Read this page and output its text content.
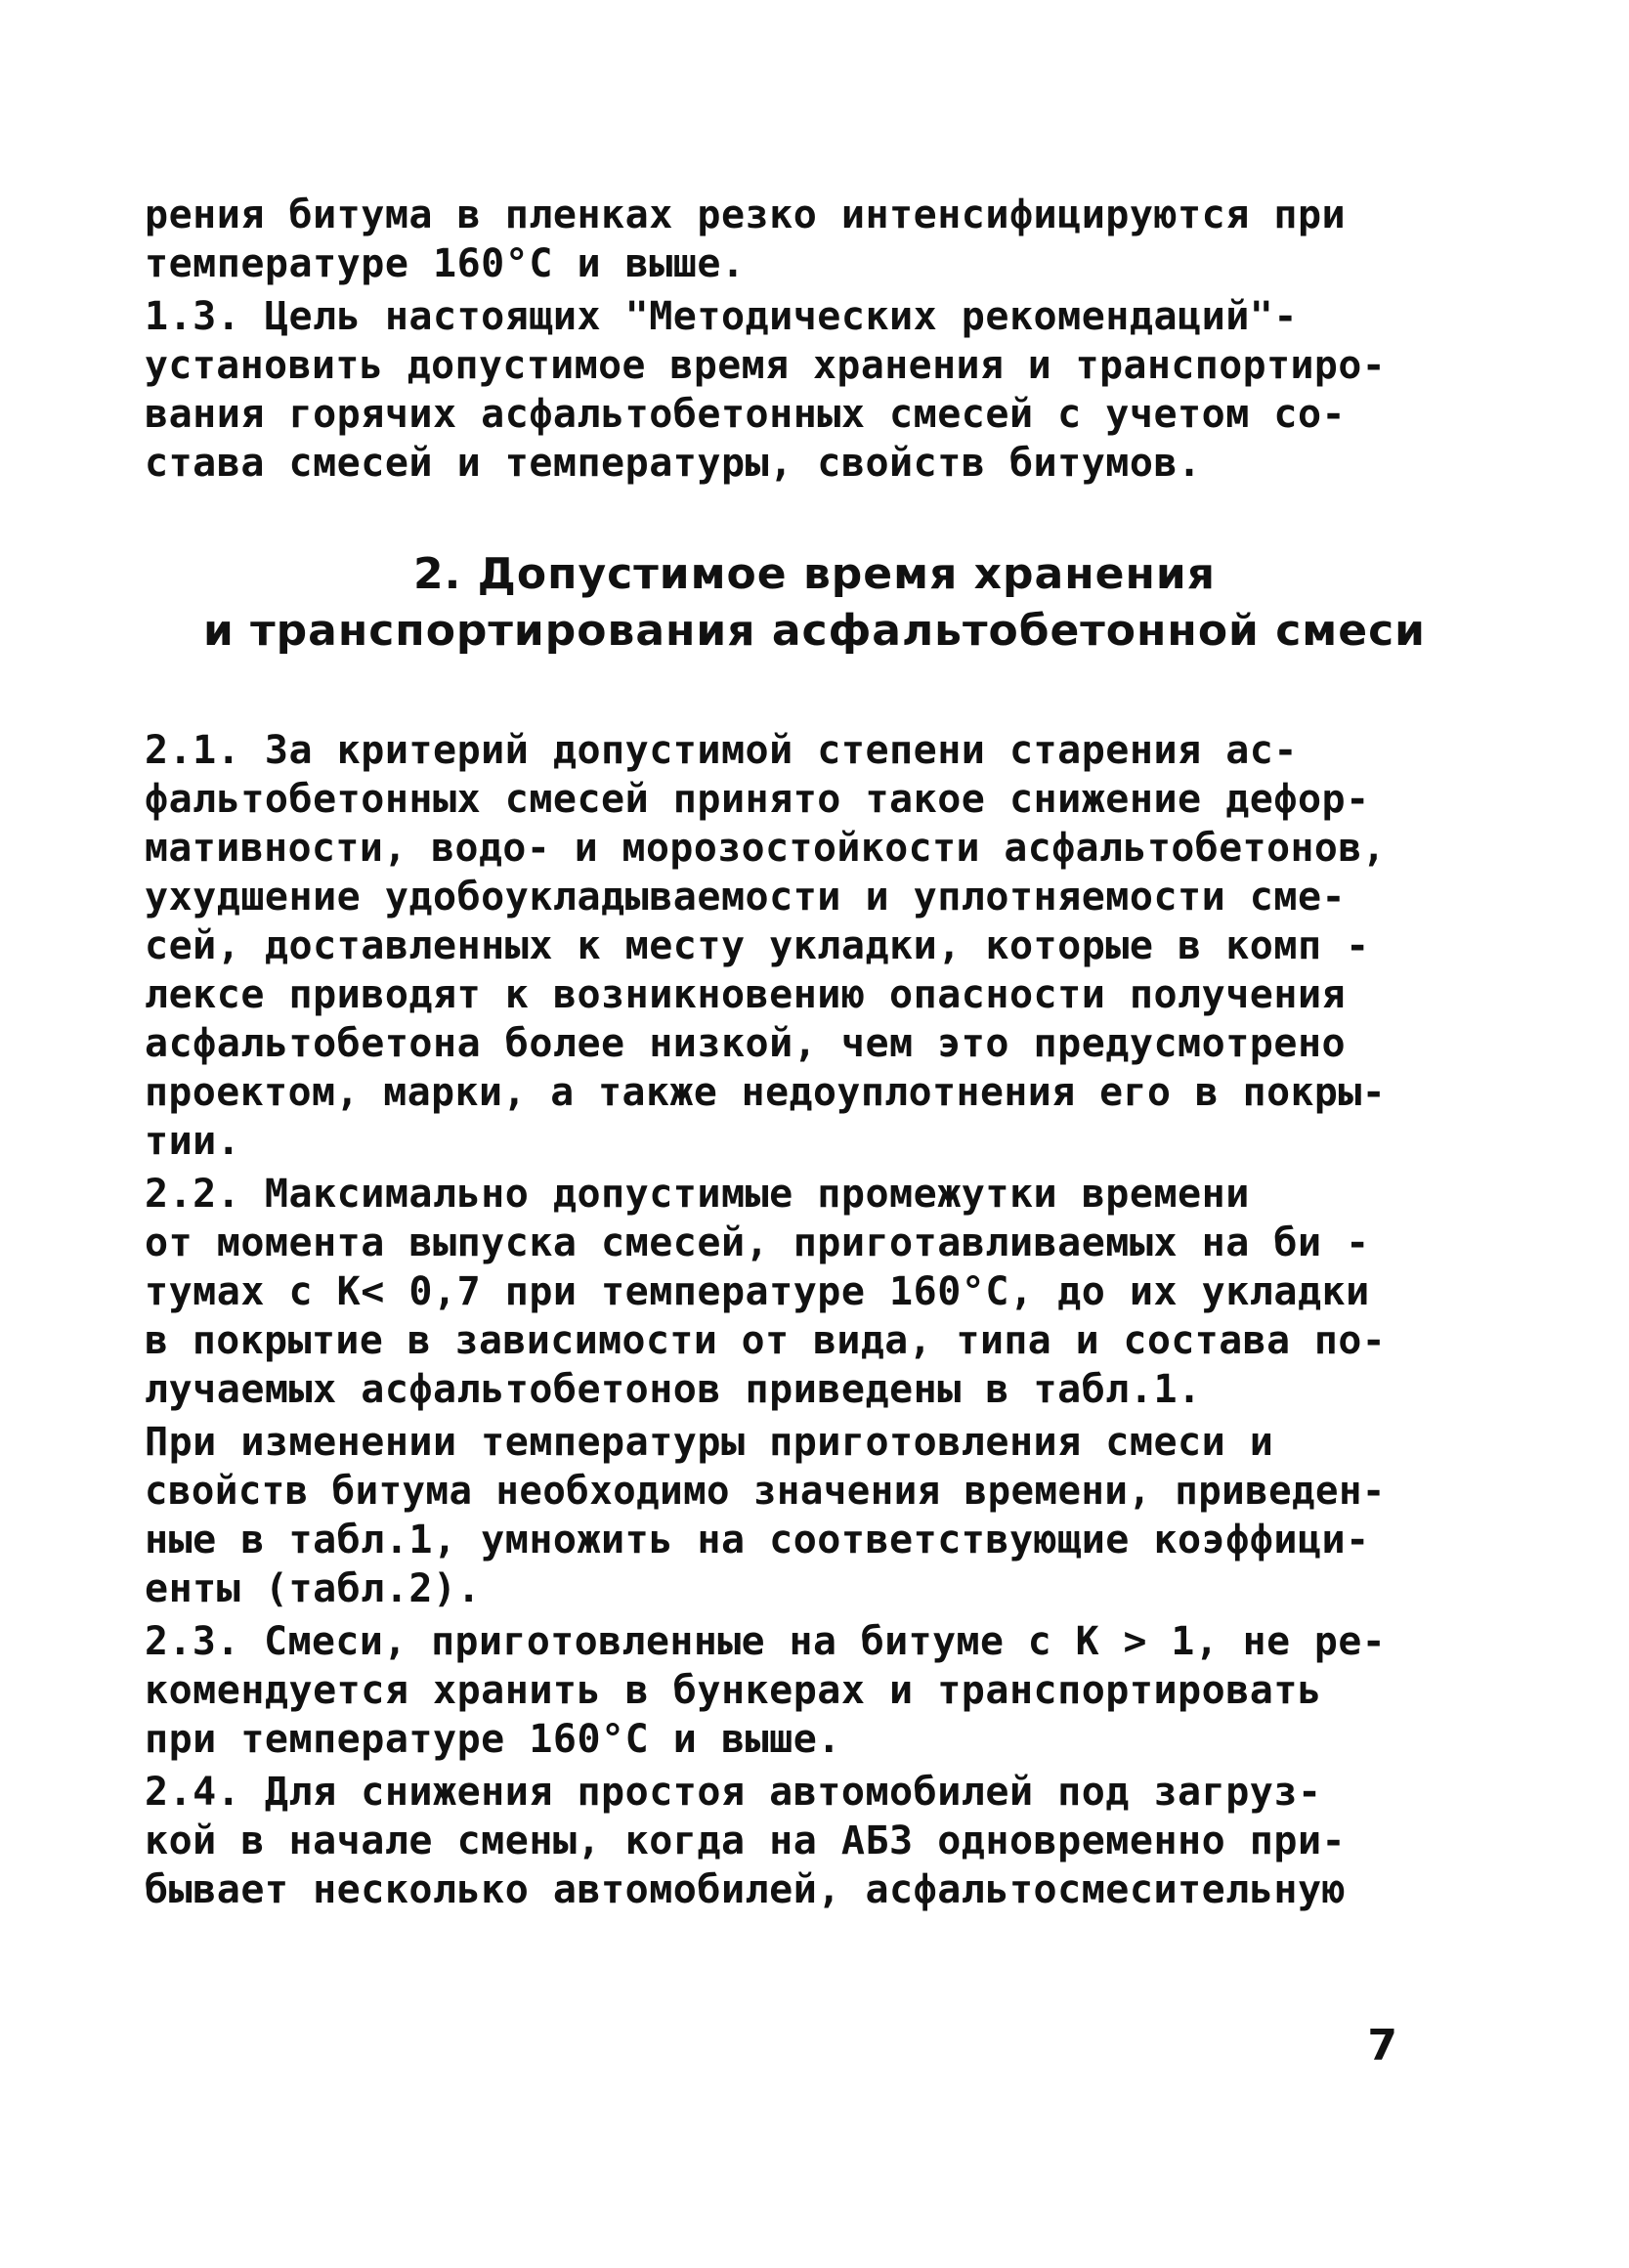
рения битума в пленках резко интенсифицируются при
температуре 160°С и выше.
1.3. Цель настоящих "Методических рекомендаций"-
установить допустимое время хранения и транспортиро-
вания горячих асфальтобетонных смесей с учетом со-
става смесей и температуры, свойств битумов.
2. Допустимое время хранения
и транспортирования асфальтобетонной смеси
2.1. За критерий допустимой степени старения ас-
фальтобетонных смесей принято такое снижение дефор-
мативности, водо- и морозостойкости асфальтобетонов,
ухудшение удобоукладываемости и уплотняемости сме-
сей, доставленных к месту укладки, которые в комп -
лексе приводят к возникновению опасности получения
асфальтобетона более низкой, чем это предусмотрено
проектом, марки, а также недоуплотнения его в покры-
тии.
2.2. Максимально допустимые промежутки времени
от момента выпуска смесей, приготавливаемых на би -
тумах с К< 0,7 при температуре 160°С, до их укладки
в покрытие в зависимости от вида, типа и состава по-
лучаемых асфальтобетонов приведены в табл.1.
При изменении температуры приготовления смеси и
свойств битума необходимо значения времени, приведен-
ные в табл.1, умножить на соответствующие коэффици-
енты (табл.2).
2.3. Смеси, приготовленные на битуме с К > 1, не ре-
комендуется хранить в бункерах и транспортировать
при температуре 160°С и выше.
2.4. Для снижения простоя автомобилей под загруз-
кой в начале смены, когда на АБЗ одновременно при-
бывает несколько автомобилей, асфальтосмесительную
7
